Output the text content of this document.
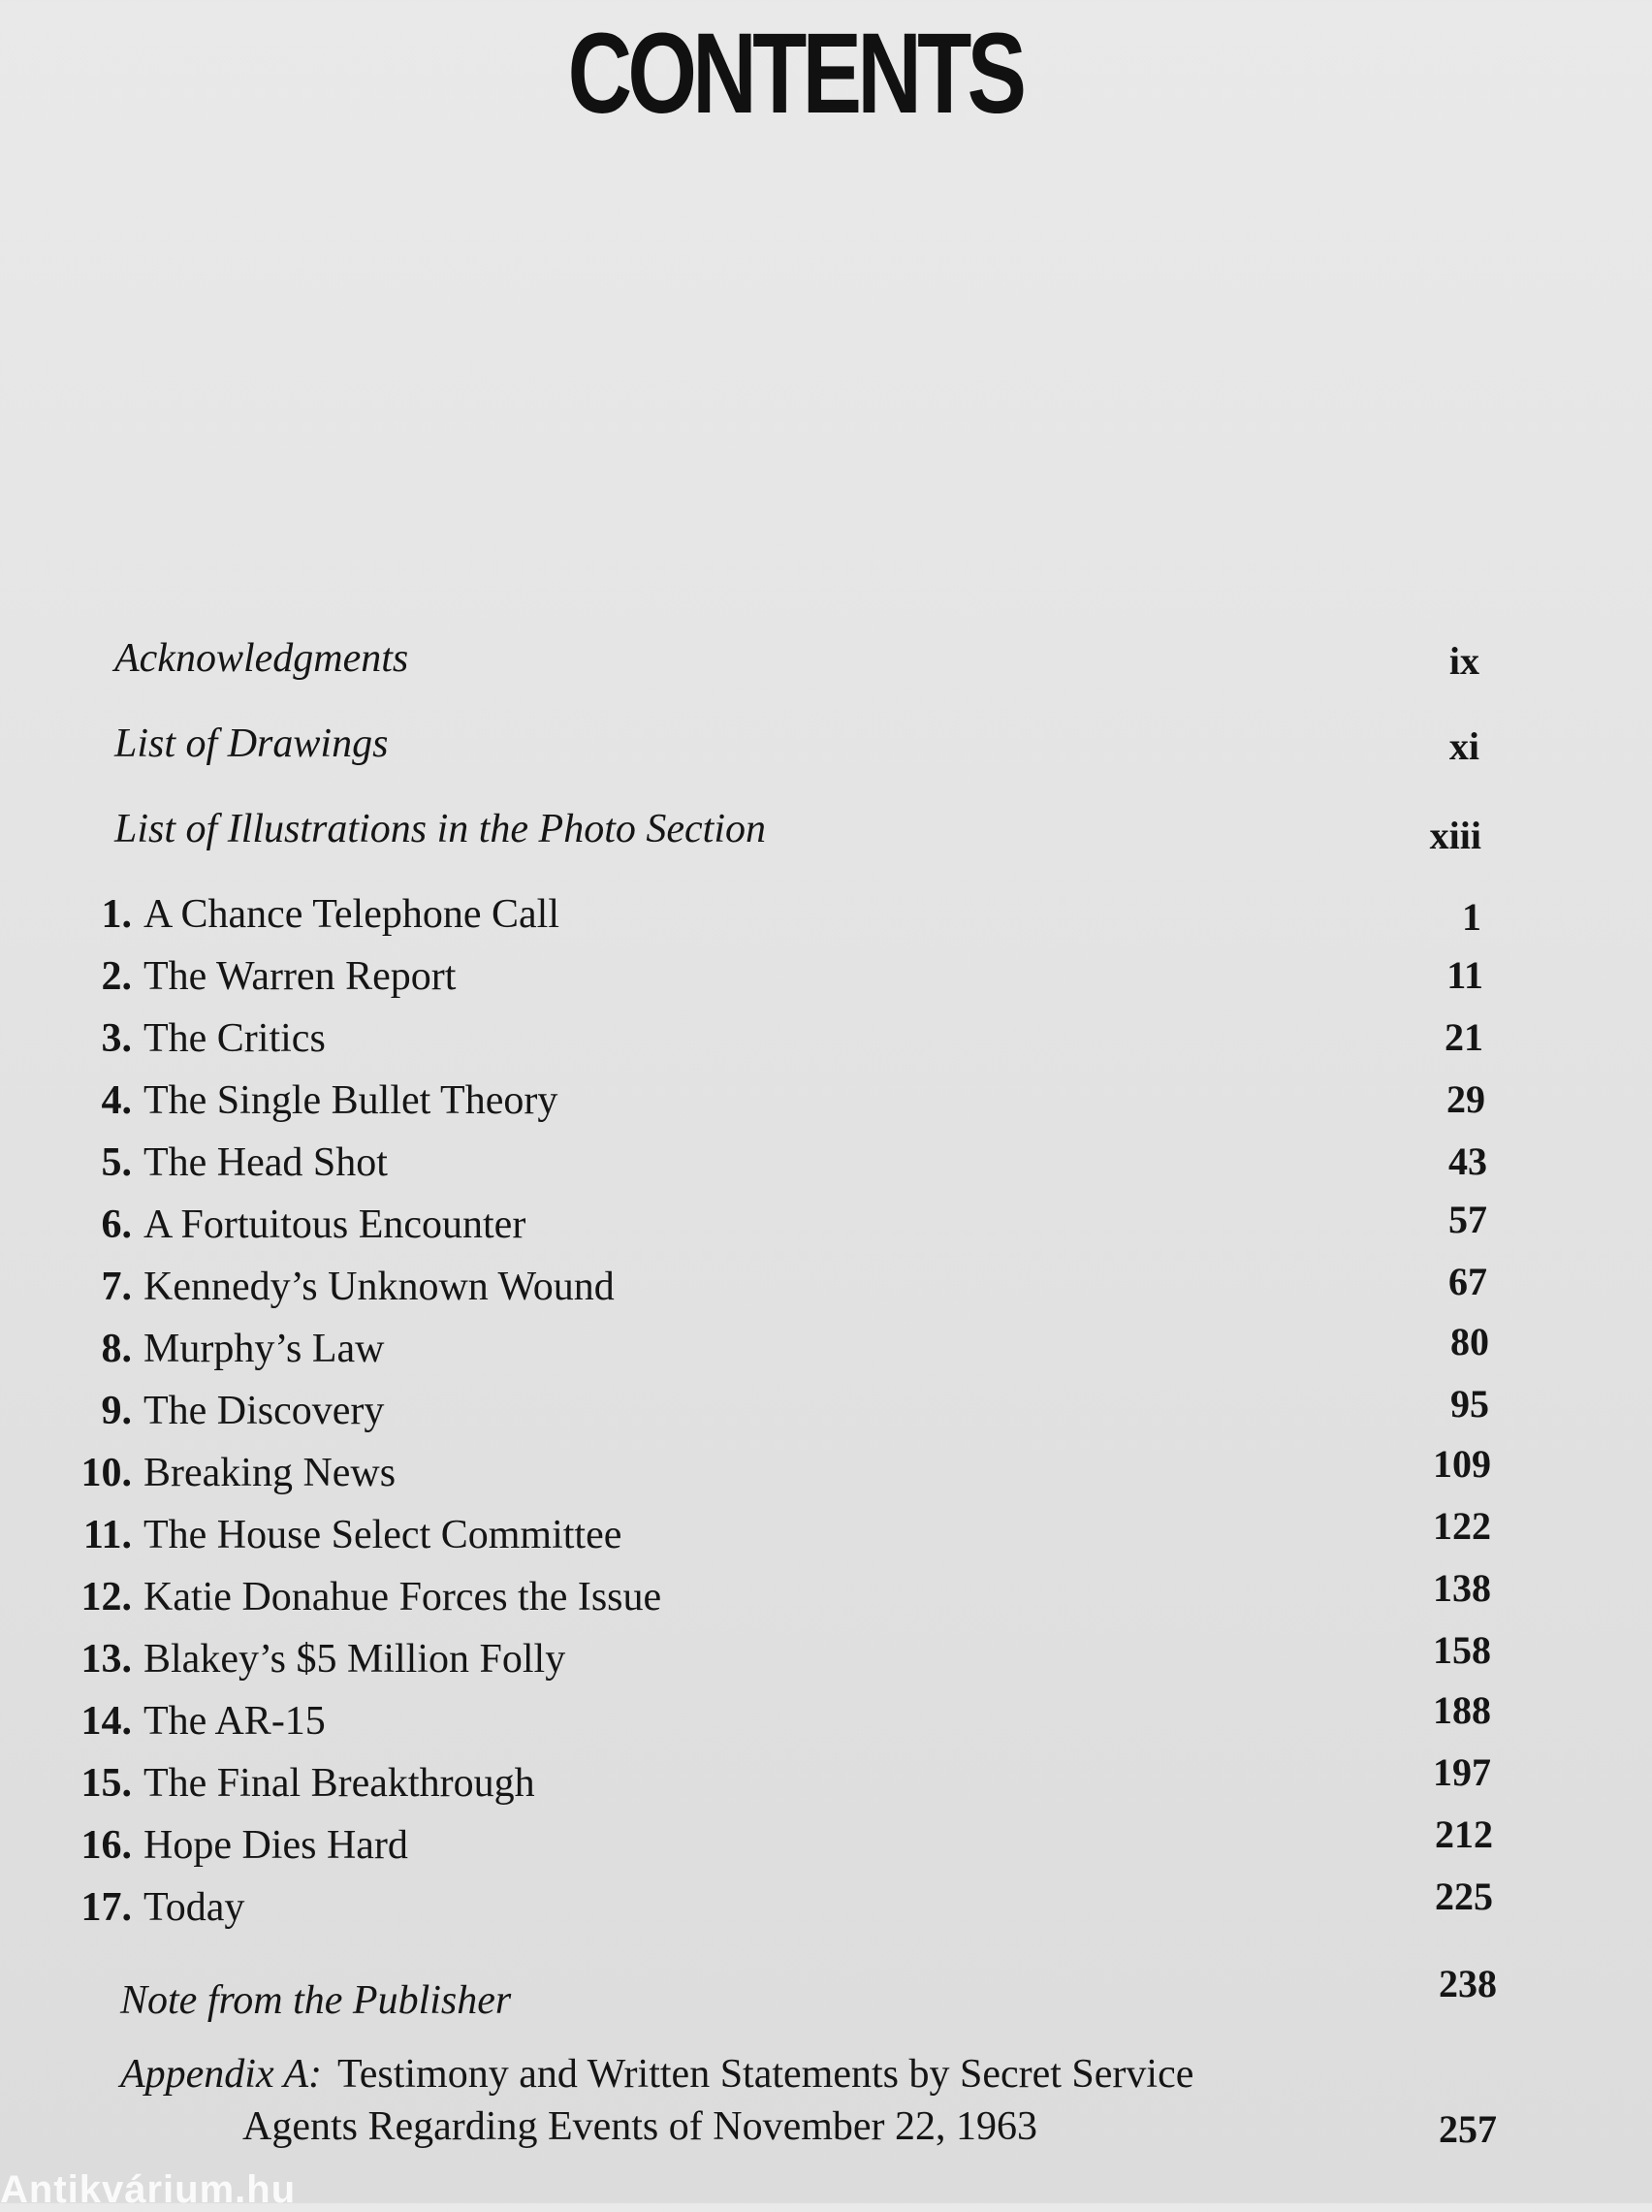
CONTENTS
Acknowledgments	ix
List of Drawings	xi
List of Illustrations in the Photo Section	xiii
1. A Chance Telephone Call	1
2. The Warren Report	11
3. The Critics	21
4. The Single Bullet Theory	29
5. The Head Shot	43
6. A Fortuitous Encounter	57
7. Kennedy’s Unknown Wound	67
8. Murphy’s Law	80
9. The Discovery	95
10. Breaking News	109
11. The House Select Committee	122
12. Katie Donahue Forces the Issue	138
13. Blakey’s $5 Million Folly	158
14. The AR-15	188
15. The Final Breakthrough	197
16. Hope Dies Hard	212
17. Today	225
Note from the Publisher	238
Appendix A: Testimony and Written Statements by Secret Service
Agents Regarding Events of November 22, 1963	257
Antikvárium.hu
